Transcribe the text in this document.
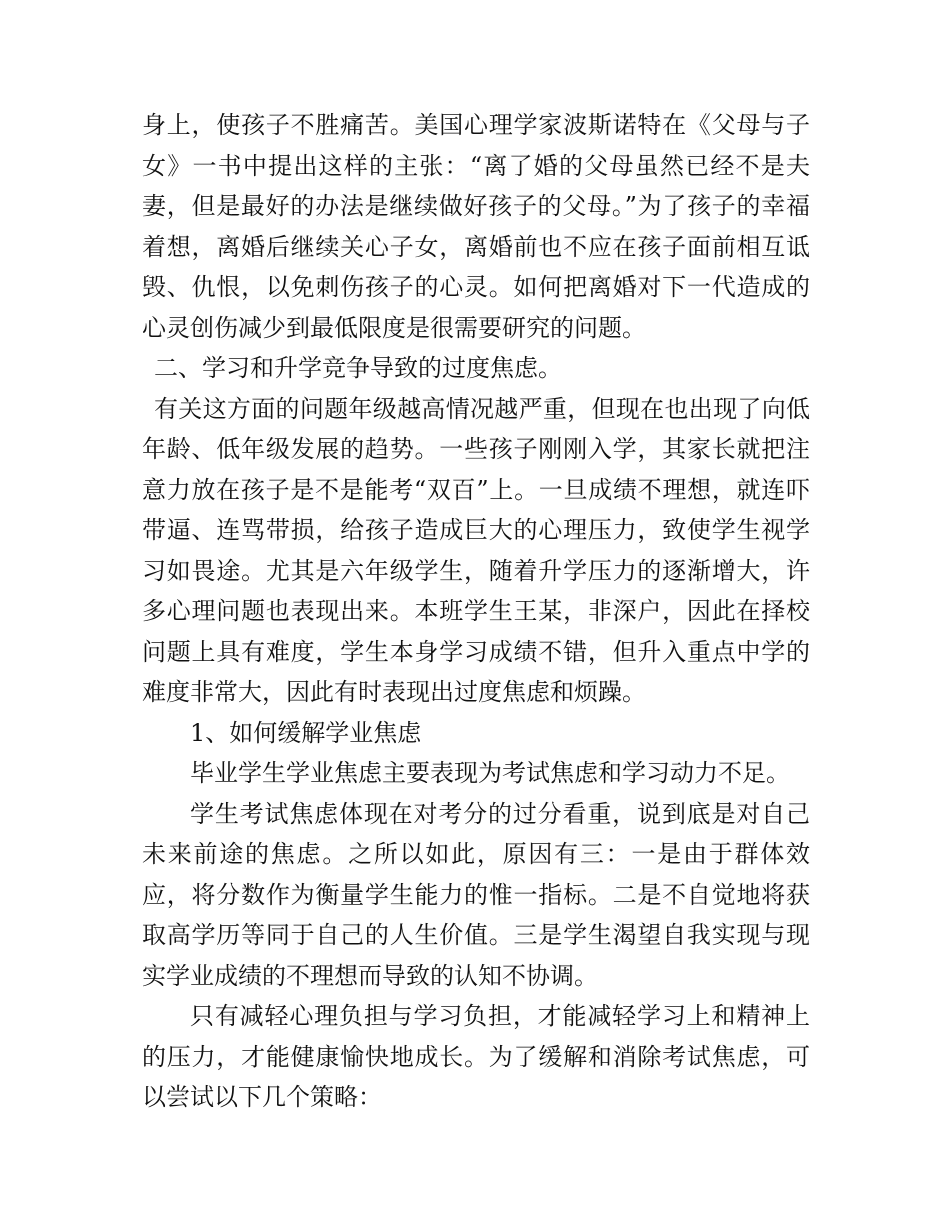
身上，使孩子不胜痛苦。美国心理学家波斯诺特在《父母与子女》一书中提出这样的主张：“离了婚的父母虽然已经不是夫妻，但是最好的办法是继续做好孩子的父母。”为了孩子的幸福着想，离婚后继续关心子女，离婚前也不应在孩子面前相互诋毁、仇恨，以免刺伤孩子的心灵。如何把离婚对下一代造成的心灵创伤减少到最低限度是很需要研究的问题。

二、学习和升学竞争导致的过度焦虑。

有关这方面的问题年级越高情况越严重，但现在也出现了向低年龄、低年级发展的趋势。一些孩子刚刚入学，其家长就把注意力放在孩子是不是能考“双百”上。一旦成绩不理想，就连吓带逼、连骂带损，给孩子造成巨大的心理压力，致使学生视学习如畏途。尤其是六年级学生，随着升学压力的逐渐增大，许多心理问题也表现出来。本班学生王某，非深户，因此在择校问题上具有难度，学生本身学习成绩不错，但升入重点中学的难度非常大，因此有时表现出过度焦虑和烦躁。

1、如何缓解学业焦虑

毕业学生学业焦虑主要表现为考试焦虑和学习动力不足。

学生考试焦虑体现在对考分的过分看重，说到底是对自己未来前途的焦虑。之所以如此，原因有三：一是由于群体效应，将分数作为衡量学生能力的惟一指标。二是不自觉地将获取高学历等同于自己的人生价值。三是学生渴望自我实现与现实学业成绩的不理想而导致的认知不协调。

只有减轻心理负担与学习负担，才能减轻学习上和精神上的压力，才能健康愉快地成长。为了缓解和消除考试焦虑，可以尝试以下几个策略：
